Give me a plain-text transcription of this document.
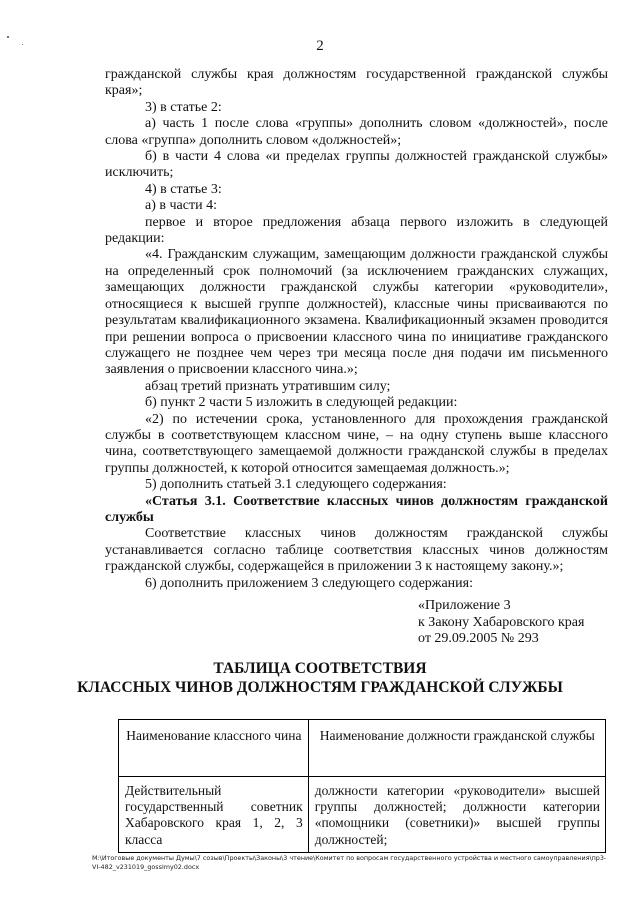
2

гражданской службы края должностям государственной гражданской службы края»;

3) в статье 2:

а) часть 1 после слова «группы» дополнить словом «должностей», после слова «группа» дополнить словом «должностей»;

б) в части 4 слова «и пределах группы должностей гражданской службы» исключить;

4) в статье 3:

а) в части 4:

первое и второе предложения абзаца первого изложить в следующей редакции:

«4. Гражданским служащим, замещающим должности гражданской службы на определенный срок полномочий (за исключением гражданских служащих, замещающих должности гражданской службы категории «руководители», относящиеся к высшей группе должностей), классные чины присваиваются по результатам квалификационного экзамена. Квалификационный экзамен проводится при решении вопроса о присвоении классного чина по инициативе гражданского служащего не позднее чем через три месяца после дня подачи им письменного заявления о присвоении классного чина.»;

абзац третий признать утратившим силу;

б) пункт 2 части 5 изложить в следующей редакции:

«2) по истечении срока, установленного для прохождения гражданской службы в соответствующем классном чине, – на одну ступень выше классного чина, соответствующего замещаемой должности гражданской службы в пределах группы должностей, к которой относится замещаемая должность.»;

5) дополнить статьей 3.1 следующего содержания:

«Статья 3.1. Соответствие классных чинов должностям гражданской службы

Соответствие классных чинов должностям гражданской службы устанавливается согласно таблице соответствия классных чинов должностям гражданской службы, содержащейся в приложении 3 к настоящему закону.»;

6) дополнить приложением 3 следующего содержания:

«Приложение 3
к Закону Хабаровского края
от 29.09.2005 № 293
ТАБЛИЦА СООТВЕТСТВИЯ
КЛАССНЫХ ЧИНОВ ДОЛЖНОСТЯМ ГРАЖДАНСКОЙ СЛУЖБЫ
Наименование классного чина	Наименование должности гражданской службы
Действительный государственный советник Хабаровского края 1, 2, 3 класса	должности категории «руководители» высшей группы должностей; должности категории «помощники (советники)» высшей группы должностей;
M:\Итоговые документы Думы\7 созыв\Проекты\Законы\3 чтение\Комитет по вопросам государственного устройства и местного самоуправления\пр3-VI-482_v231019_gosslmy02.docx
